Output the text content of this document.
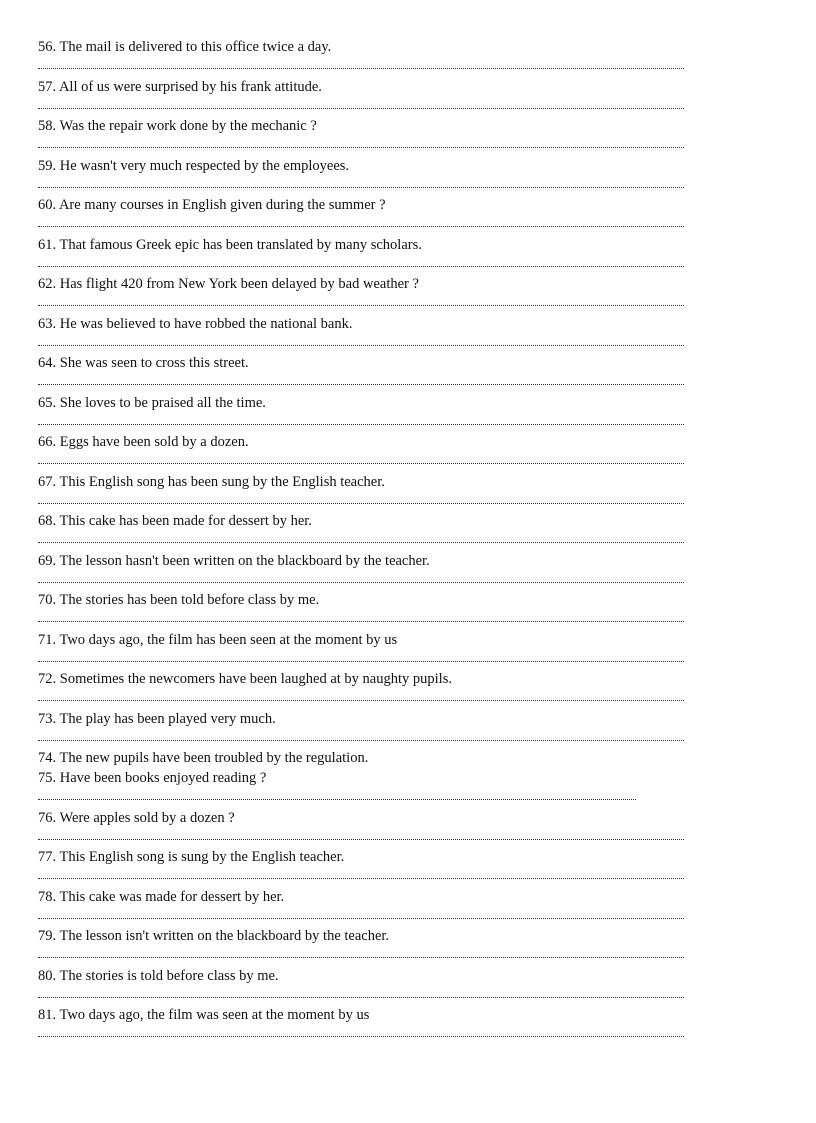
56. The mail is delivered to this office twice a day.
57. All of us were surprised by his frank attitude.
58. Was the repair work done by the mechanic ?
59. He wasn't very much respected by the employees.
60. Are many courses in English given during the summer ?
61. That famous Greek epic has been translated by many scholars.
62. Has flight 420 from New York been delayed by bad weather ?
63. He was believed to have robbed the national bank.
64. She was seen to cross this street.
65. She loves to be praised all the time.
66. Eggs have been sold by a dozen.
67. This English song has been sung by the English teacher.
68. This cake has been made for dessert by her.
69. The lesson hasn't been written on the blackboard by the teacher.
70. The stories has been told before class by me.
71. Two days ago, the film has been seen at the moment by us
72. Sometimes the newcomers have been laughed at by naughty pupils.
73. The play has been played very much.
74. The new pupils have been troubled by the regulation.
75. Have been books enjoyed reading ?
76. Were apples sold by a dozen ?
77. This English song is sung by the English teacher.
78. This cake was made for dessert by her.
79. The lesson isn't written on the blackboard by the teacher.
80. The stories is told before class by me.
81. Two days ago, the film was seen at the moment by us
